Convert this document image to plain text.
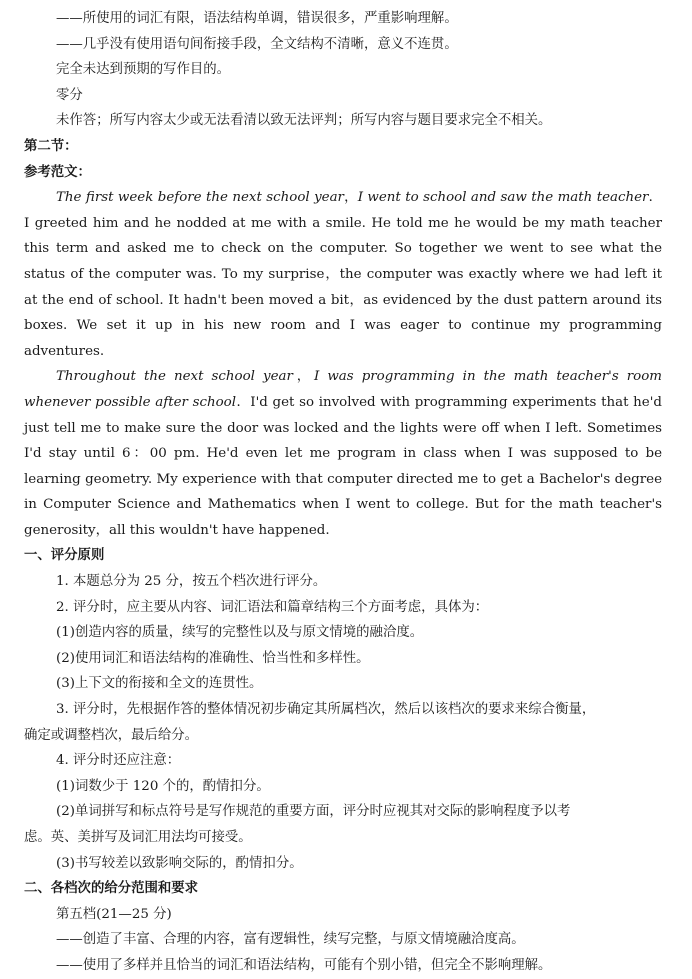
——所使用的词汇有限，语法结构单调，错误很多，严重影响理解。
——几乎没有使用语句间衔接手段，全文结构不清晰，意义不连贯。
完全未达到预期的写作目的。
零分
未作答；所写内容太少或无法看清以致无法评判；所写内容与题目要求完全不相关。
第二节：
参考范文：

The first week before the next school year，I went to school and saw the math teacher．I greeted him and he nodded at me with a smile. He told me he would be my math teacher this term and asked me to check on the computer. So together we went to see what the status of the computer was. To my surprise，the computer was exactly where we had left it at the end of school. It hadn't been moved a bit，as evidenced by the dust pattern around its boxes. We set it up in his new room and I was eager to continue my programming adventures.

Throughout the next school year，I was programming in the math teacher's room whenever possible after school．I'd get so involved with programming experiments that he'd just tell me to make sure the door was locked and the lights were off when I left. Sometimes I'd stay until 6：00 pm. He'd even let me program in class when I was supposed to be learning geometry. My experience with that computer directed me to get a Bachelor's degree in Computer Science and Mathematics when I went to college. But for the math teacher's generosity，all this wouldn't have happened.

一、评分原则
1. 本题总分为 25 分，按五个档次进行评分。
2. 评分时，应主要从内容、词汇语法和篇章结构三个方面考虑，具体为：
(1)创造内容的质量，续写的完整性以及与原文情境的融洽度。
(2)使用词汇和语法结构的准确性、恰当性和多样性。
(3)上下文的衔接和全文的连贯性。
3. 评分时，先根据作答的整体情况初步确定其所属档次，然后以该档次的要求来综合衡量，
确定或调整档次，最后给分。
4. 评分时还应注意：
(1)词数少于 120 个的，酌情扣分。
(2)单词拼写和标点符号是写作规范的重要方面，评分时应视其对交际的影响程度予以考
虑。英、美拼写及词汇用法均可接受。
(3)书写较差以致影响交际的，酌情扣分。
二、各档次的给分范围和要求
第五档(21—25 分)
——创造了丰富、合理的内容，富有逻辑性，续写完整，与原文情境融洽度高。
——使用了多样并且恰当的词汇和语法结构，可能有个别小错，但完全不影响理解。
